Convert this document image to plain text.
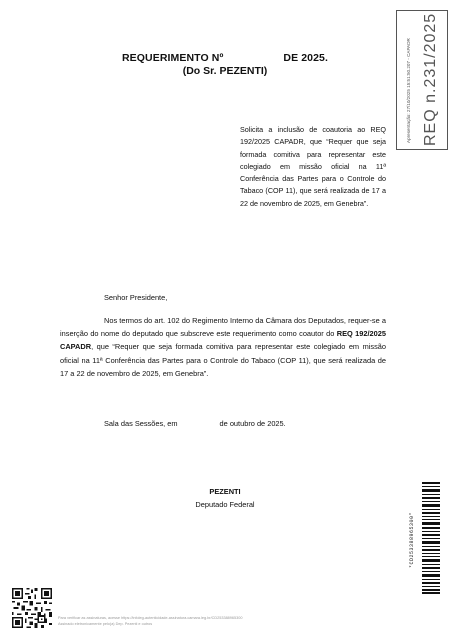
REQUERIMENTO Nº	DE 2025.
(Do Sr. PEZENTI)
Solicita a inclusão de coautoria ao REQ 192/2025 CAPADR, que “Requer que seja formada comitiva para representar este colegiado em missão oficial na 11ª Conferência das Partes para o Controle do Tabaco (COP 11), que será realizada de 17 a 22 de novembro de 2025, em Genebra”.
Senhor Presidente,
Nos termos do art. 102 do Regimento Interno da Câmara dos Deputados, requer-se a inserção do nome do deputado que subscreve este requerimento como coautor do REQ 192/2025 CAPADR, que “Requer que seja formada comitiva para representar este colegiado em missão oficial na 11ª Conferência das Partes para o Controle do Tabaco (COP 11), que será realizada de 17 a 22 de novembro de 2025, em Genebra”.
Sala das Sessões, em	de outubro de 2025.
PEZENTI
Deputado Federal
Apresentação: 27/10/2025 15:51:50.207 - CAPADR REQ n.231/2025
*CD253388965300*
Para verificar as assinaturas, acesse https://infoleg-autenticidade-assinatura.camara.leg.br/CD253388965300
Assinado eletronicamente pelo(a) Dep. Pezenti e outros
